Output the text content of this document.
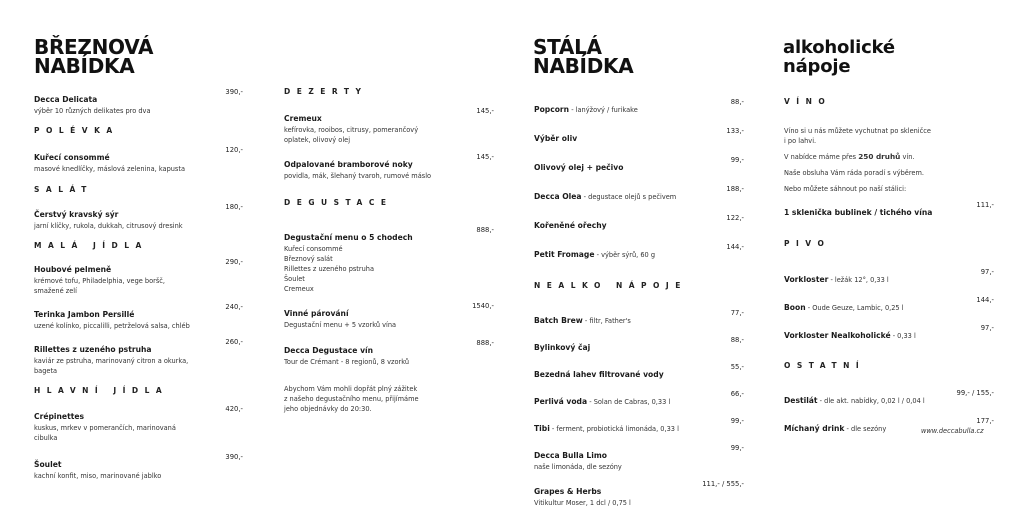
BŘEZNOVÁ
NABÍDKA
STÁLÁ
NABÍDKA
alkoholické
nápoje
Decca Delicata
výběr 10 různých delikates pro dva
390,-
POLÉVKA
Kuřecí consommé
masové knedlíčky, máslová zelenina, kapusta
120,-
SALÁT
Čerstvý kravský sýr
jarní klíčky, rukola, dukkah, citrusový dresink
180,-
MALÁ JÍDLA
Houbové pelmeně
krémové tofu, Philadelphia, vege boršč,
smažené zelí
290,-
Terinka Jambon Persillé
uzené kolínko, piccalilli, petrželová salsa, chléb
240,-
Rillettes z uzeného pstruha
kaviár ze pstruha, marinovaný citron a okurka,
bageta
260,-
HLAVNÍ JÍDLA
Crépinettes
kuskus, mrkev v pomerančích, marinovaná
cibulka
420,-
Šoulet
kachní konfit, miso, marinované jablko
390,-
DEZERTY
Cremeux
kefírovka, rooibos, citrusy, pomerančový
oplatek, olivový olej
145,-
Odpalované bramborové noky
povidla, mák, šlehaný tvaroh, rumové máslo
145,-
DEGUSTACE
Degustační menu o 5 chodech
Kuřecí consommé
Březnový salát
Rillettes z uzeného pstruha
Šoulet
Cremeux
888,-
Vinné párování
Degustační menu + 5 vzorků vína
1540,-
Decca Degustace vín
Tour de Crémant - 8 regionů, 8 vzorků
888,-
Abychom Vám mohli dopřát plný zážitek
z našeho degustačního menu, přijímáme
jeho objednávky do 20:30.
Popcorn - lanýžový / furikake
88,-
Výběr oliv
133,-
Olivový olej + pečivo
99,-
Decca Olea - degustace olejů s pečivem
188,-
Kořeněné ořechy
122,-
Petit Fromage - výběr sýrů, 60 g
144,-
NEALKO NÁPOJE
Batch Brew - filtr, Father's
77,-
Bylinkový čaj
88,-
Bezedná lahev filtrované vody
55,-
Perlivá voda - Solan de Cabras, 0,33 l
66,-
Tibi - ferment, probiotická limonáda, 0,33 l
99,-
Decca Bulla Limo
naše limonáda, dle sezóny
99,-
Grapes & Herbs
Vitikultur Moser, 1 dcl / 0,75 l
111,- / 555,-
VÍNO
Víno si u nás můžete vychutnat po skleničce
i po lahvi.
V nabídce máme přes 250 druhů vín.
Naše obsluha Vám ráda poradí s výběrem.
Nebo můžete sáhnout po naší stálici:
1 sklenička bublinek / tichého vína
111,-
PIVO
Vorkloster - ležák 12°, 0,33 l
97,-
Boon - Oude Geuze, Lambic, 0,25 l
144,-
Vorkloster Nealkoholické - 0,33 l
97,-
OSTATNÍ
Destilát - dle akt. nabídky, 0,02 l / 0,04 l
99,- / 155,-
Míchaný drink - dle sezóny
177,-
www.deccabulla.cz
